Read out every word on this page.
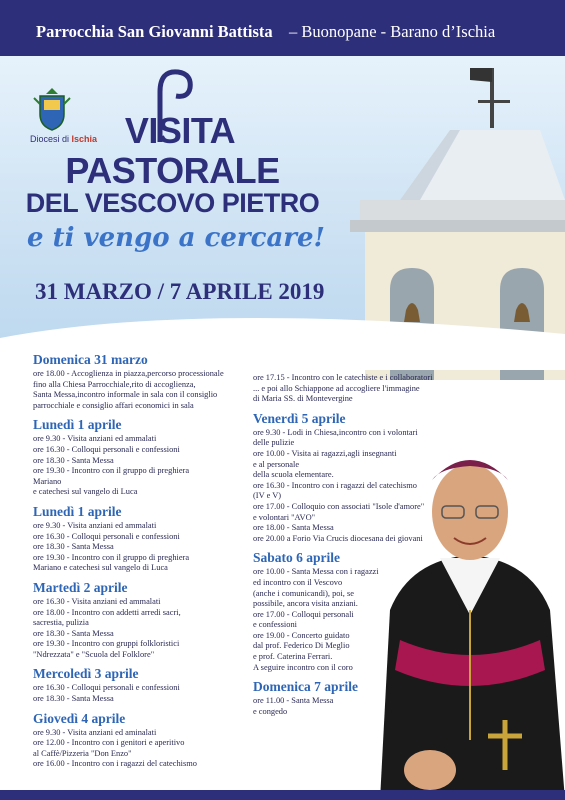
Parrocchia San Giovanni Battista – Buonopane - Barano d’Ischia
Diocesi di Ischia VISITA
PASTORALE
DEL VESCOVO PIETRO
e ti vengo a cercare!
31 MARZO / 7 APRILE 2019
Domenica 31 marzo
ore 18.00 - Accoglienza in piazza,percorso processionale
fino alla Chiesa Parrocchiale,rito di accoglienza,
Santa Messa,incontro informale in sala con il consiglio
parrocchiale e consiglio affari economici in sala
Lunedì 1 aprile
ore 9.30 - Visita anziani ed ammalati
ore 16.30 - Colloqui personali e confessioni
ore 18.30 - Santa Messa
ore 19.30 - Incontro con il gruppo di preghiera
Mariano
e catechesi sul vangelo di Luca
Lunedì 1 aprile
ore 9.30 - Visita anziani ed ammalati
ore 16.30 - Colloqui personali e confessioni
ore 18.30 - Santa Messa
ore 19.30 - Incontro con il gruppo di preghiera
Mariano e catechesi sul vangelo di Luca
Martedì 2 aprile
ore 16.30 - Visita anziani ed ammalati
ore 18.00 - Incontro con addetti arredi sacri,
sacrestia, pulizia
ore 18.30 - Santa Messa
ore 19.30 - Incontro con gruppi folkloristici
"Ndrezzata" e "Scuola del Folklore"
Mercoledì 3 aprile
ore 16.30 - Colloqui personali e confessioni
ore 18.30 - Santa Messa
Giovedì 4 aprile
ore 9.30 - Visita anziani ed aminalati
ore 12.00 - Incontro con i genitori e aperitivo
al Caffè/Pizzeria "Don Enzo"
ore 16.00 - Incontro con i ragazzi del catechismo
ore 17.15 - Incontro con le catechiste e i collaboratori
... e poi allo Schiappone ad accogliere l'immagine
di Maria SS. di Montevergine
Venerdì 5 aprile
ore 9.30 - Lodi in Chiesa,incontro con i volontari
delle pulizie
ore 10.00 - Visita ai ragazzi,agli insegnanti
e al personale
della scuola elementare.
ore 16.30 - Incontro con i ragazzi del catechismo
(IV e V)
ore 17.00 - Colloquio con associati "Isole d'amore"
e volontari "AVO"
ore 18.00 - Santa Messa
ore 20.00 a Forio Via Crucis diocesana dei giovani
Sabato 6 aprile
ore 10.00 - Santa Messa con i ragazzi
ed incontro con il Vescovo
(anche i comunicandi), poi, se
possibile, ancora visita anziani.
ore 17.00 - Colloqui personali
e confessioni
ore 19.00 - Concerto guidato
dal prof. Federico Di Meglio
e prof. Caterina Ferrari.
A seguire incontro con il coro
Domenica 7 aprile
ore 11.00 - Santa Messa
e congedo
